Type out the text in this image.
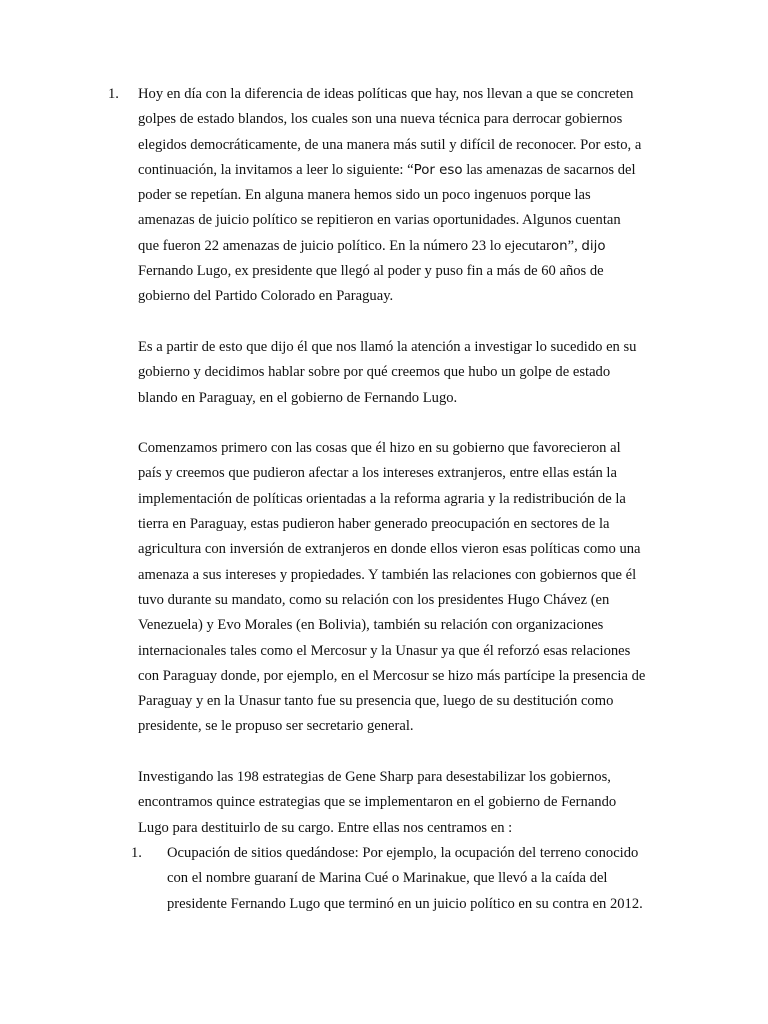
1.	Hoy en día con la diferencia de ideas políticas que hay, nos llevan a que se concreten
golpes de estado blandos, los cuales son una nueva técnica para derrocar gobiernos
elegidos democráticamente, de una manera más sutil y difícil de reconocer. Por esto, a
continuación, la invitamos a leer lo siguiente: “Por eso las amenazas de sacarnos del
poder se repetían. En alguna manera hemos sido un poco ingenuos porque las
amenazas de juicio político se repitieron en varias oportunidades. Algunos cuentan
que fueron 22 amenazas de juicio político. En la número 23 lo ejecutaron”, dijo
Fernando Lugo, ex presidente que llegó al poder y puso fin a más de 60 años de
gobierno del Partido Colorado en Paraguay.

Es a partir de esto que dijo él que nos llamó la atención a investigar lo sucedido en su
gobierno y decidimos hablar sobre por qué creemos que hubo un golpe de estado
blando en Paraguay, en el gobierno de Fernando Lugo.

Comenzamos primero con las cosas que él hizo en su gobierno que favorecieron al
país y creemos que pudieron afectar a los intereses extranjeros, entre ellas están la
implementación de políticas orientadas a la reforma agraria y la redistribución de la
tierra en Paraguay, estas pudieron haber generado preocupación en sectores de la
agricultura con inversión de extranjeros en donde ellos vieron esas políticas como una
amenaza a sus intereses y propiedades. Y también las relaciones con gobiernos que él
tuvo durante su mandato, como su relación con los presidentes Hugo Chávez (en
Venezuela) y Evo Morales (en Bolivia), también su relación con organizaciones
internacionales tales como el Mercosur y la Unasur ya que él reforzó esas relaciones
con Paraguay donde, por ejemplo, en el Mercosur se hizo más partícipe la presencia de
Paraguay y en la Unasur tanto fue su presencia que, luego de su destitución como
presidente, se le propuso ser secretario general.

Investigando las 198 estrategias de Gene Sharp para desestabilizar los gobiernos,
encontramos quince estrategias que se implementaron en el gobierno de Fernando
Lugo para destituirlo de su cargo. Entre ellas nos centramos en :

1. Ocupación de sitios quedándose: Por ejemplo, la ocupación del terreno conocido
con el nombre guaraní de Marina Cué o Marinakue, que llevó a la caída del
presidente Fernando Lugo que terminó en un juicio político en su contra en 2012.
